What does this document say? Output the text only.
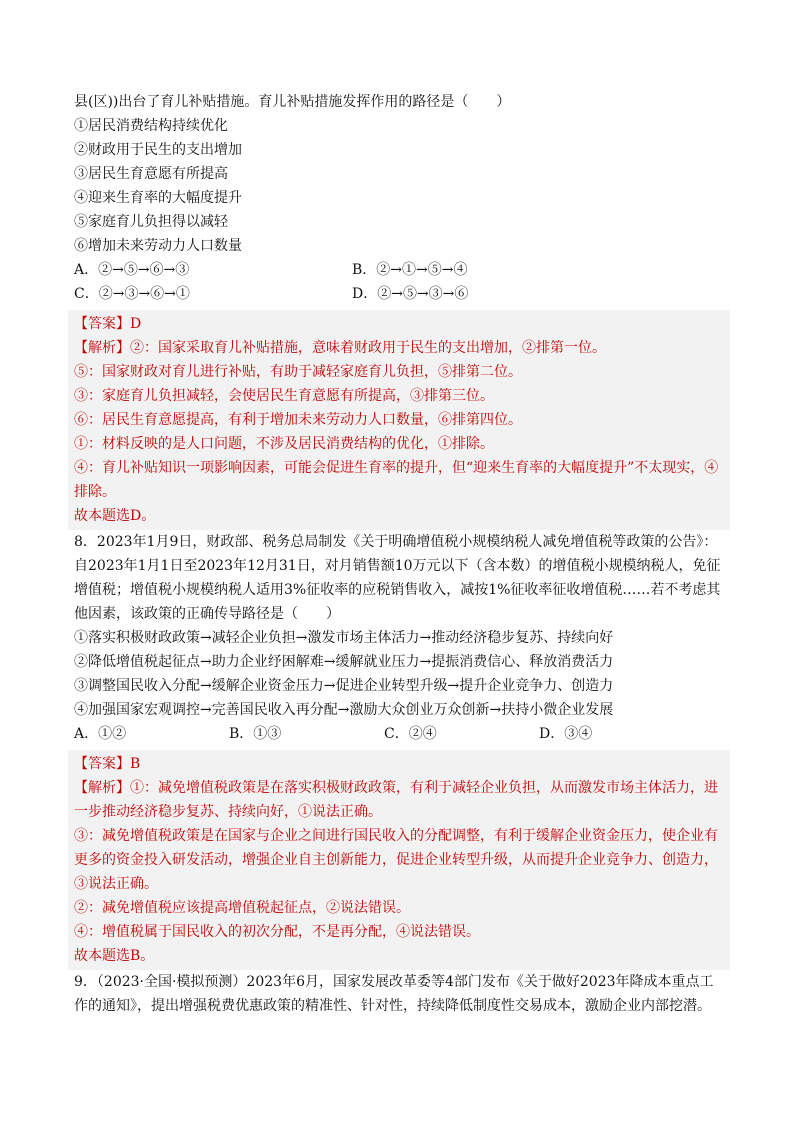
县(区))出台了育儿补贴措施。育儿补贴措施发挥作用的路径是（　　）
①居民消费结构持续优化
②财政用于民生的支出增加
③居民生育意愿有所提高
④迎来生育率的大幅度提升
⑤家庭育儿负担得以减轻
⑥增加未来劳动力人口数量
A．②→⑤→⑥→③	B．②→①→⑤→④
C．②→③→⑥→①	D．②→⑤→③→⑥
【答案】D
【解析】②：国家采取育儿补贴措施，意味着财政用于民生的支出增加，②排第一位。
⑤：国家财政对育儿进行补贴，有助于减轻家庭育儿负担，⑤排第二位。
③：家庭育儿负担减轻，会使居民生育意愿有所提高，③排第三位。
⑥：居民生育意愿提高，有利于增加未来劳动力人口数量，⑥排第四位。
①：材料反映的是人口问题，不涉及居民消费结构的优化，①排除。
④：育儿补贴知识一项影响因素，可能会促进生育率的提升，但“迎来生育率的大幅度提升”不太现实，④排除。
故本题选D。
8．2023年1月9日，财政部、税务总局制发《关于明确增值税小规模纳税人减免增值税等政策的公告》：自2023年1月1日至2023年12月31日，对月销售额10万元以下（含本数）的增值税小规模纳税人，免征增值税；增值税小规模纳税人适用3%征收率的应税销售收入，减按1%征收率征收增值税……若不考虑其他因素，该政策的正确传导路径是（　　）
①落实积极财政政策→减轻企业负担→激发市场主体活力→推动经济稳步复苏、持续向好
②降低增值税起征点→助力企业纾困解难→缓解就业压力→提振消费信心、释放消费活力
③调整国民收入分配→缓解企业资金压力→促进企业转型升级→提升企业竞争力、创造力
④加强国家宏观调控→完善国民收入再分配→激励大众创业万众创新→扶持小微企业发展
A．①②	B．①③	C．②④	D．③④
【答案】B
【解析】①：减免增值税政策是在落实积极财政政策，有利于减轻企业负担，从而激发市场主体活力，进一步推动经济稳步复苏、持续向好，①说法正确。
③：减免增值税政策是在国家与企业之间进行国民收入的分配调整，有利于缓解企业资金压力，使企业有更多的资金投入研发活动，增强企业自主创新能力，促进企业转型升级，从而提升企业竞争力、创造力，③说法正确。
②：减免增值税应该提高增值税起征点，②说法错误。
④：增值税属于国民收入的初次分配，不是再分配，④说法错误。
故本题选B。
9．（2023·全国·模拟预测）2023年6月，国家发展改革委等4部门发布《关于做好2023年降成本重点工作的通知》，提出增强税费优惠政策的精准性、针对性，持续降低制度性交易成本，激励企业内部挖潜。
